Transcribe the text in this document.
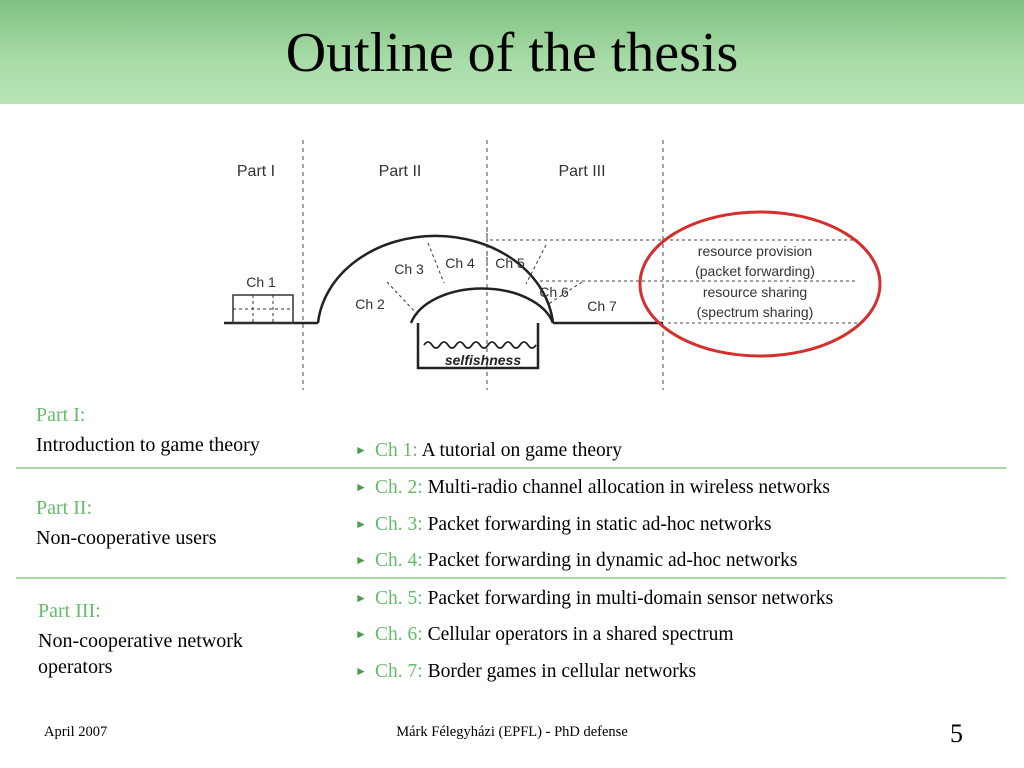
Outline of the thesis
Part I	Part II	Part III
Ch 1
Ch 2
Ch 3 Ch 4 Ch 5
Ch 6
Ch 7
selfishness
resource provision
(packet forwarding)
resource sharing
(spectrum sharing)
Part I:
Introduction to game theory
Part II:
Non-cooperative users
Part III:
Non-cooperative network
operators
► Ch 1: A tutorial on game theory
► Ch. 2: Multi-radio channel allocation in wireless networks
► Ch. 3: Packet forwarding in static ad-hoc networks
► Ch. 4: Packet forwarding in dynamic ad-hoc networks
► Ch. 5: Packet forwarding in multi-domain sensor networks
► Ch. 6: Cellular operators in a shared spectrum
► Ch. 7: Border games in cellular networks
April 2007	Márk Félegyházi (EPFL) - PhD defense	5
